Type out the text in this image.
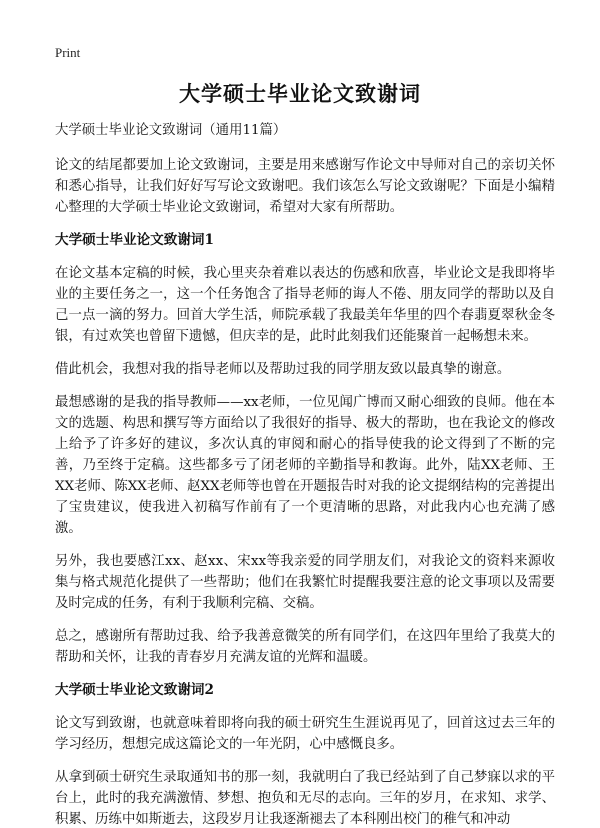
Print
大学硕士毕业论文致谢词

大学硕士毕业论文致谢词（通用11篇）

论文的结尾都要加上论文致谢词，主要是用来感谢写作论文中导师对自己的亲切关怀和悉心指导，让我们好好写写论文致谢吧。我们该怎么写论文致谢呢？下面是小编精心整理的大学硕士毕业论文致谢词，希望对大家有所帮助。

大学硕士毕业论文致谢词1

在论文基本定稿的时候，我心里夹杂着难以表达的伤感和欣喜，毕业论文是我即将毕业的主要任务之一，这一个任务饱含了指导老师的诲人不倦、朋友同学的帮助以及自己一点一滴的努力。回首大学生活，师院承载了我最美年华里的四个春翡夏翠秋金冬银，有过欢笑也曾留下遗憾，但庆幸的是，此时此刻我们还能聚首一起畅想未来。

借此机会，我想对我的指导老师以及帮助过我的同学朋友致以最真挚的谢意。

最想感谢的是我的指导教师——xx老师，一位见闻广博而又耐心细致的良师。他在本文的选题、构思和撰写等方面给以了我很好的指导、极大的帮助，也在我论文的修改上给予了许多好的建议，多次认真的审阅和耐心的指导使我的论文得到了不断的完善，乃至终于定稿。这些都多亏了闭老师的辛勤指导和教诲。此外，陆XX老师、王XX老师、陈XX老师、赵XX老师等也曾在开题报告时对我的论文提纲结构的完善提出了宝贵建议，使我进入初稿写作前有了一个更清晰的思路，对此我内心也充满了感激。

另外，我也要感江xx、赵xx、宋xx等我亲爱的同学朋友们，对我论文的资料来源收集与格式规范化提供了一些帮助；他们在我繁忙时提醒我要注意的论文事项以及需要及时完成的任务，有利于我顺利完稿、交稿。

总之，感谢所有帮助过我、给予我善意微笑的所有同学们，在这四年里给了我莫大的帮助和关怀，让我的青春岁月充满友谊的光辉和温暖。

大学硕士毕业论文致谢词2

论文写到致谢，也就意味着即将向我的硕士研究生生涯说再见了，回首这过去三年的学习经历，想想完成这篇论文的一年光阴，心中感慨良多。

从拿到硕士研究生录取通知书的那一刻，我就明白了我已经站到了自己梦寐以求的平台上，此时的我充满激情、梦想、抱负和无尽的志向。三年的岁月，在求知、求学、积累、历练中如斯逝去，这段岁月让我逐渐褪去了本科刚出校门的稚气和冲动
